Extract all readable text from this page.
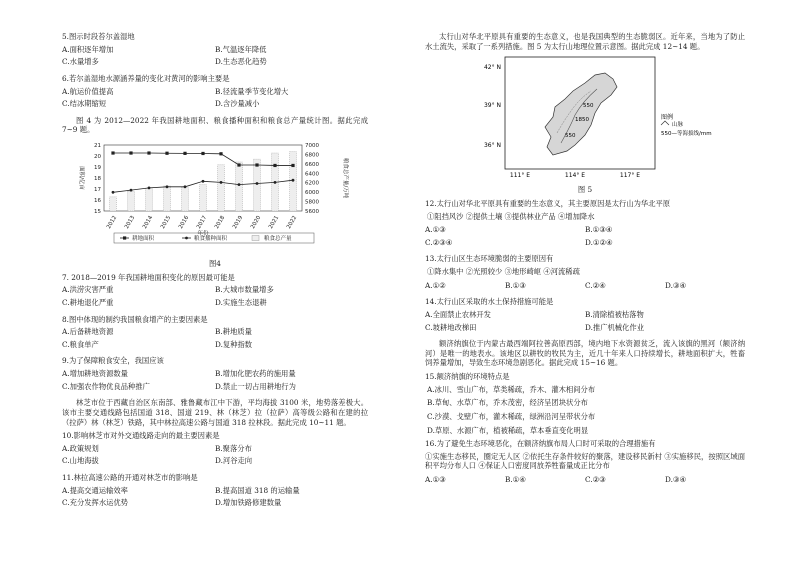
5.图示时段苔尔盖湿地
A.面积逐年增加	B.气温逐年降低
C.水量增多	D.生态恶化趋势
6.若尔盖湿地水源涵养量的变化对黄河的影响主要是
A.航运价值提高	B.径流量季节变化增大
C.结冰期缩短	D.含沙量减小
图 4 为 2012—2022 年我国耕地面积、粮食播种面积和粮食总产量统计图。据此完成 7~9 题。
21
20
19
18
17
16
15
7000
6800
6600
6400
6200
6000
5800
5600
面积/亿亩	粮食总产量/万吨
2012 2013 2014 2015 2016 2017 2018 2019 2020 2021 2022
年份
耕地面积	粮食播种面积	粮食总产量
图4
7. 2018—2019 年我国耕地面积变化的原因最可能是
A.洪涝灾害严重	B.大城市数量增多
C.耕地退化严重	D.实施生态退耕
8.图中体现的制约我国粮食增产的主要因素是
A.后备耕地资源	B.耕地质量
C.粮食单产	D.复种指数
9.为了保障粮食安全，我国应该
A.增加耕地资源数量	B.增加化肥农药的施用量
C.加强农作物优良品种推广	D.禁止一切占用耕地行为
林芝市位于西藏自治区东南部、雅鲁藏布江中下游，平均海拔 3100 米，地势落差极大。该市主要交通线路包括国道 318、国道 219、林（林芝）拉（拉萨）高等级公路和在建的拉（拉萨）林（林芝）铁路，其中林拉高速公路与国道 318 拉林段。据此完成 10~11 题。
10.影响林芝市对外交通线路走向的最主要因素是
A.政策规划	B.聚落分布
C.山地海拔	D.河谷走向
11.林拉高速公路的开通对林芝市的影响是
A.提高交通运输效率	B.提高国道 318 的运输量
C.充分发挥水运优势	D.增加铁路修建数量
太行山对华北平原具有重要的生态意义，也是我国典型的生态脆弱区。近年来，当地为了防止水土流失，采取了一系列措施。图 5 为太行山地理位置示意图。据此完成 12~14 题。
42° N
39° N
36° N
111° E	114° E	117° E
550
1850
550
图例
山脉
550—等海拔线/mm
图 5
12.太行山对华北平原具有重要的生态意义，其主要原因是太行山为华北平原
①阻挡风沙 ②提供土壤 ③提供林业产品 ④增加降水
A.①③	B.①③④
C.②③④	D.①②④
13.太行山区生态环境脆弱的主要原因有
①降水集中 ②光照较少 ③地形崎岖 ④河流稀疏
A.①②	B.①③	C.②④	D.③④
14.太行山区采取的水土保持措施可能是
A.全面禁止农林开发	B.清除植被枯落物
C.坡耕地改梯田	D.推广机械化作业
额济纳旗位于内蒙古最西端阿拉善高原西部，境内地下水资源贫乏，流入该旗的黑河（额济纳河）是唯一的地表水。该地区以耕牧的牧民为主，近几十年来人口持续增长，耕地面积扩大，牲畜饲养量增加，导致生态环境急剧恶化。据此完成 15~16 题。
15.额济纳旗的环境特点是
A.冰川、雪山广布，草类稀疏，乔木、灌木相间分布
B.草甸、水草广布，乔木茂密，经济呈团块状分布
C.沙漠、戈壁广布，灌木稀疏，绿洲沿河呈带状分布
D.草原、水源广布，植被稀疏，草本垂直变化明显
16.为了避免生态环境恶化，在额济纳旗布局人口时可采取的合理措施有
①实施生态移民，圈定无人区 ②依托生存条件较好的聚落，建设移民新村 ③实施移民，按照区域面积平均分布人口 ④保证人口密度同放养牲畜量成正比分布
A.①③	B.①④	C.②③	D.③④
